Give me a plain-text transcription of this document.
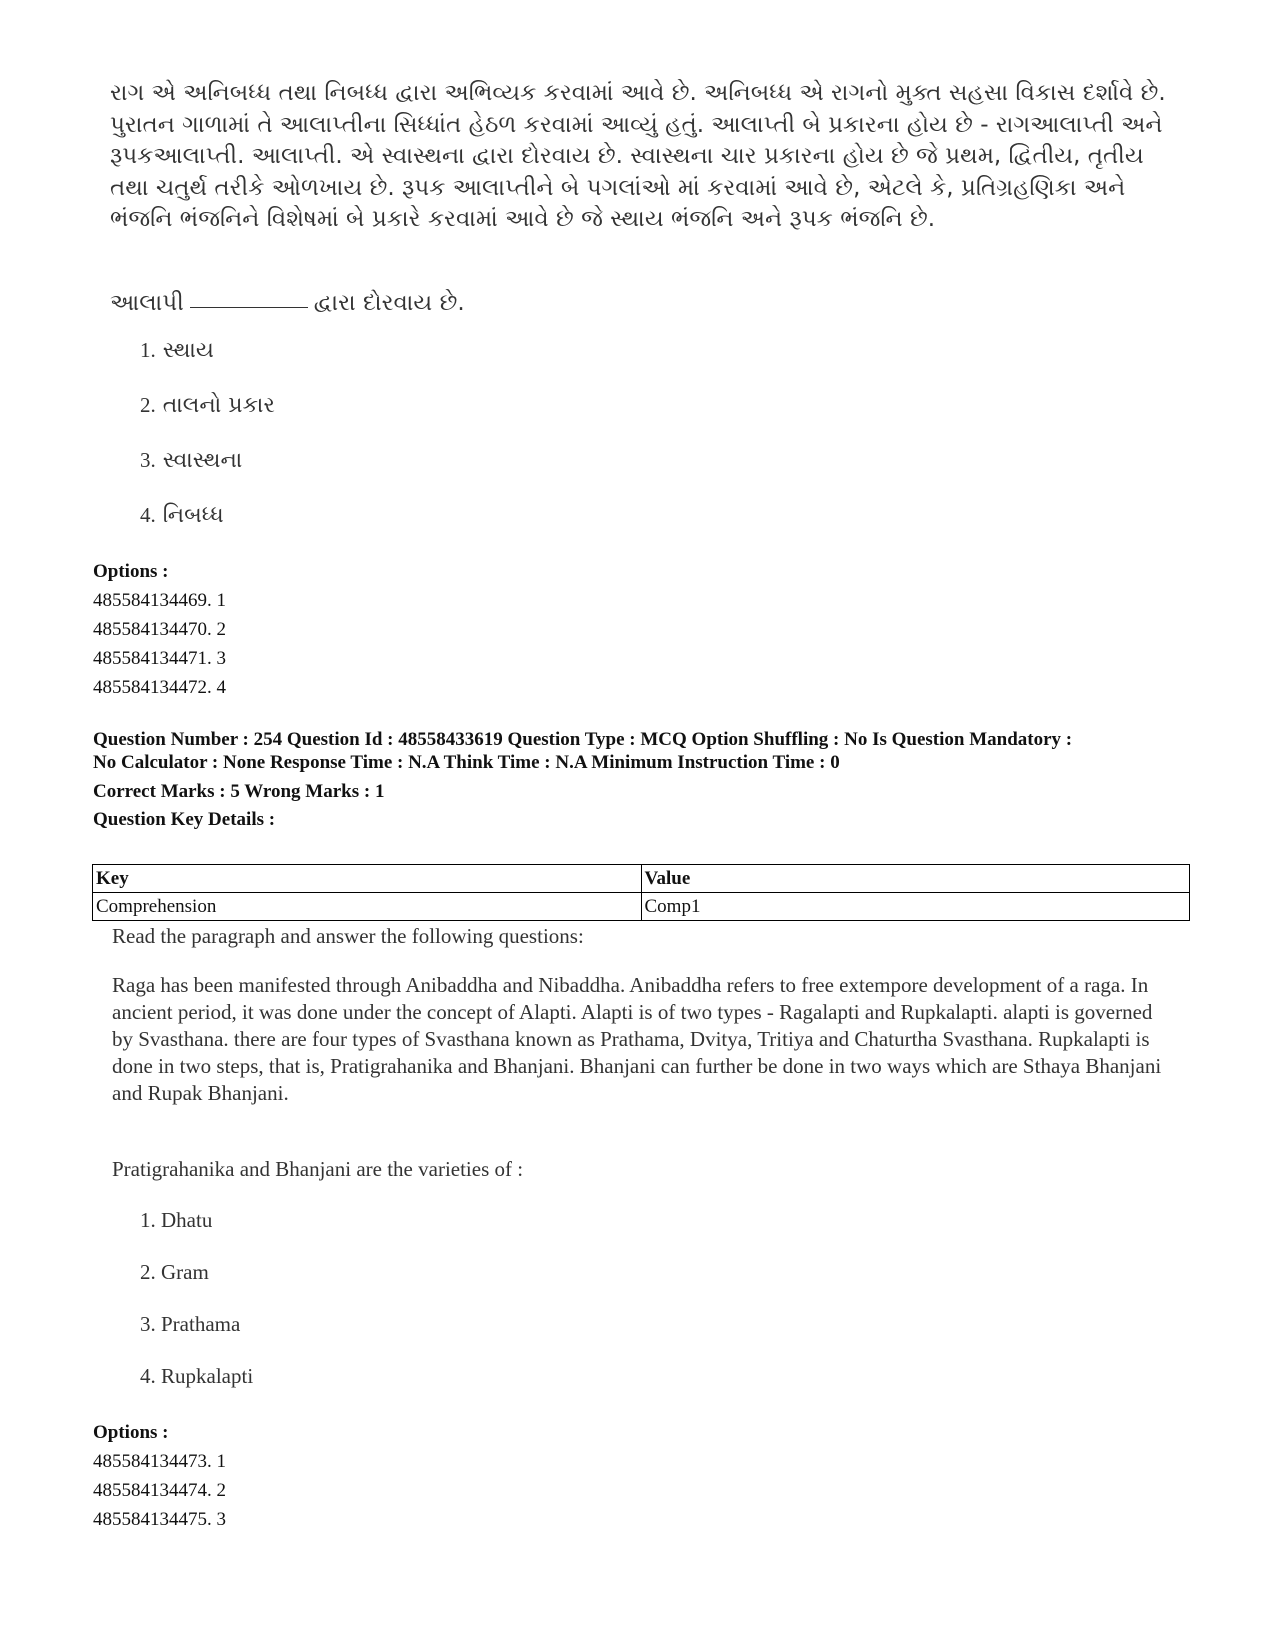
રાગ એ અનિબધ્ધ તથા નિબધ્ધ દ્વારા અભિવ્યક કરવામાં આવે છે. અનિબધ્ધ એ રાગનો મુક્ત સહસા વિકાસ દર્શાવે છે. પુરાતન ગાળામાં તે આલાપ્તીના સિધ્ધાંત હેઠળ કરવામાં આવ્યું હતું. આલાપ્તી બે પ્રકારના હોય છે - રાગઆલાપ્તી અને રૂપકઆલાપ્તી. આલાપ્તી. એ સ્વાસ્થના દ્વારા દોરવાય છે. સ્વાસ્થના ચાર પ્રકારના હોય છે જે પ્રથમ, દ્વિતીય, તૃતીય તથા ચતુર્થ તરીકે ઓળખાય છે. રૂપક આલાપ્તીને બે પગલાંઓ માં કરવામાં આવે છે, એટલે કે, પ્રતિગ્રહણિકા અને ભંજનિ ભંજનિને વિશેષમાં બે પ્રકારે કરવામાં આવે છે જે સ્થાય ભંજનિ અને રૂપક ભંજનિ છે.

આલાપી	દ્વારા દોરવાય છે.
1. સ્થાય
2. તાલનો પ્રકાર
3. સ્વાસ્થના
4. નિબધ્ધ
Options :
485584134469. 1
485584134470. 2
485584134471. 3
485584134472. 4
Question Number : 254 Question Id : 48558433619 Question Type : MCQ Option Shuffling : No Is Question Mandatory :
No Calculator : None Response Time : N.A Think Time : N.A Minimum Instruction Time : 0
Correct Marks : 5 Wrong Marks : 1
Question Key Details :
Key	Value
Comprehension	Comp1

Read the paragraph and answer the following questions:

Raga has been manifested through Anibaddha and Nibaddha. Anibaddha refers to free extempore development of a raga. In ancient period, it was done under the concept of Alapti. Alapti is of two types - Ragalapti and Rupkalapti. alapti is governed by Svasthana. there are four types of Svasthana known as Prathama, Dvitya, Tritiya and Chaturtha Svasthana. Rupkalapti is done in two steps, that is, Pratigrahanika and Bhanjani. Bhanjani can further be done in two ways which are Sthaya Bhanjani and Rupak Bhanjani.

Pratigrahanika and Bhanjani are the varieties of :

1. Dhatu
2. Gram
3. Prathama
4. Rupkalapti
Options :
485584134473. 1
485584134474. 2
485584134475. 3
